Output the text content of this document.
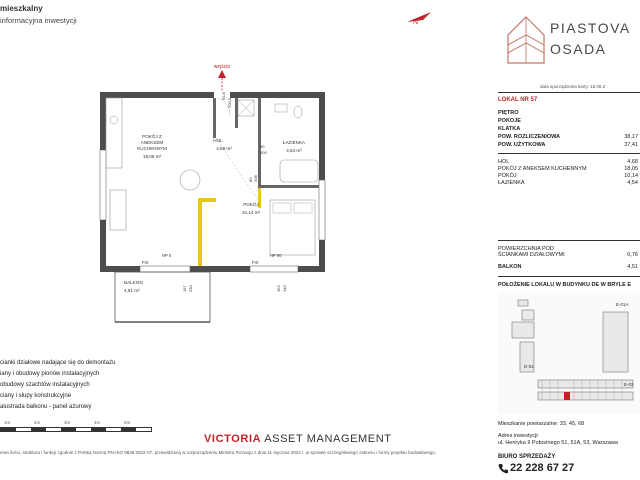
mieszkalny
informacyjna inwestycji	N	PIASTOVA
OSADA
data sporządzenia karty: 18.06.2
LOKAL NR 57
PIĘTRO
POKOJE
KLATKA
POW. ROZLICZENIOWA	38,17
POW. UŻYTKOWA	37,41
HOL	4,68
POKÓJ Z ANEKSEM KUCHENNYM	18,05
POKÓJ	10,14
ŁAZIENKA	4,54
POWIERZCHNIA POD
ŚCIANKAMI DZIAŁOWYMI	0,76
BALKON	4,51
POŁOŻENIE LOKALU W BUDYNKU DE W BRYLE E
D-01
E-01A
E-03
Mieszkanie powtarzalne: 33, 45, 68
Adres inwestycji:
ul. Henryka II Pobożnego 51, 51A, 53, Warszawa
BIURO SPRZEDAŻY
22 228 67 27
wejście
POKÓJ Z
ANEKSEM
KUCHENNYM
18,05 m²
HOL
4,68 m²
ŁAZIENKA
4,54 m²
POKÓJ
10,14 m²
BALKON
4,51 m²
FIX	FIX
HP 0	HP 90
92,8
200,5
90
200
80 208
167 230	163 140
cianki działowe nadające się do demontażu
iany i obudowy pionów instalacyjnych
obudowy szachtów instalacyjnych
ciany i słupy konstrukcyjne
alustrada balkonu - panel ażurowy
1m	2m	3m	4m	5m
VICTORIA ASSET MANAGEMENT
ema ilości, struktura i funkcji zgodnie z Polską Normą PN-ISO 9836:2022-07, przewidzianą w rozporządzeniu Ministra Rozwoju z dnia 11 stycznia 2022 r. w sprawie szczegółowego zakresu i formy projektu budowlanego,
